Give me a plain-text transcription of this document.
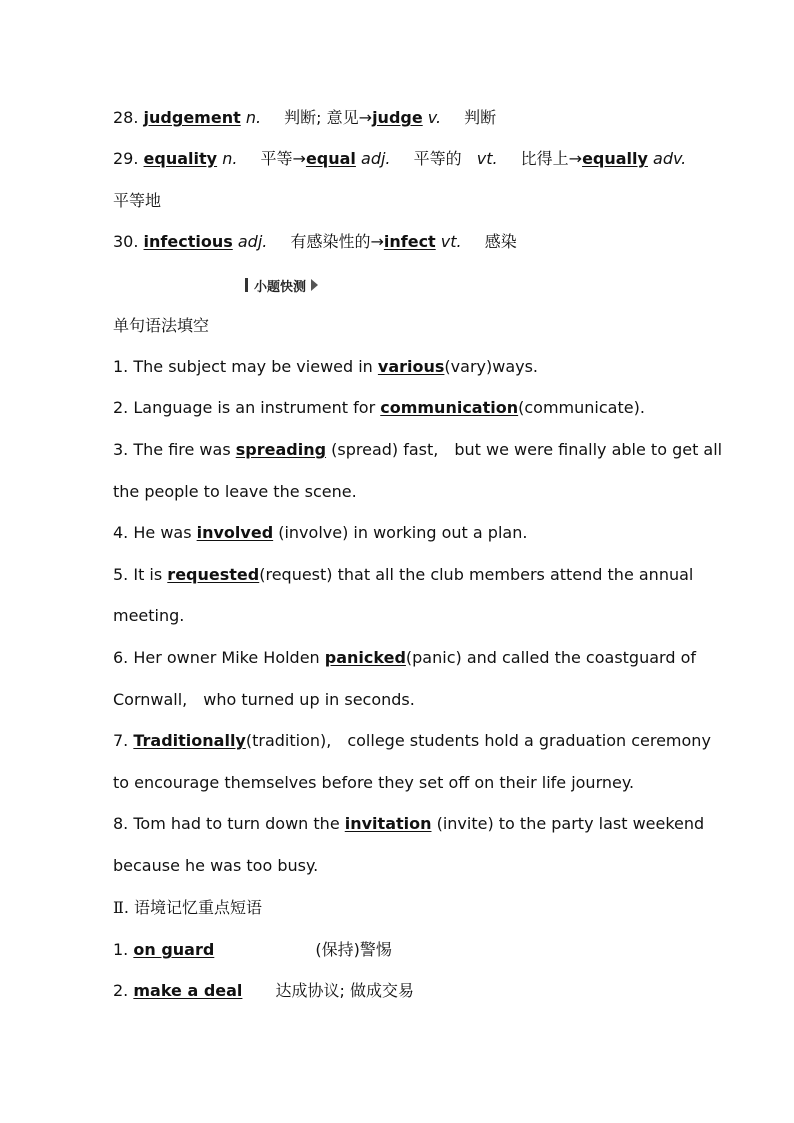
28. judgement n. 判断; 意见→judge v. 判断
29. equality n. 平等→equal adj. 平等的 vt. 比得上→equally adv.
平等地
30. infectious adj. 有感染性的→infect vt. 感染
单句语法填空
1. The subject may be viewed in various(vary)ways.
2. Language is an instrument for communication(communicate).
3. The fire was spreading (spread) fast,　but we were finally able to get all
the people to leave the scene.
4. He was involved (involve) in working out a plan.
5. It is requested(request) that all the club members attend the annual
meeting.
6. Her owner Mike Holden panicked(panic) and called the coastguard of
Cornwall,　who turned up in seconds.
7. Traditionally(tradition),　college students hold a graduation ceremony
to encourage themselves before they set off on their life journey.
8. Tom had to turn down the invitation (invite) to the party last weekend
because he was too busy.
Ⅱ. 语境记忆重点短语
1. on guard	(保持)警惕
2. make a deal 达成协议; 做成交易
小题快测
